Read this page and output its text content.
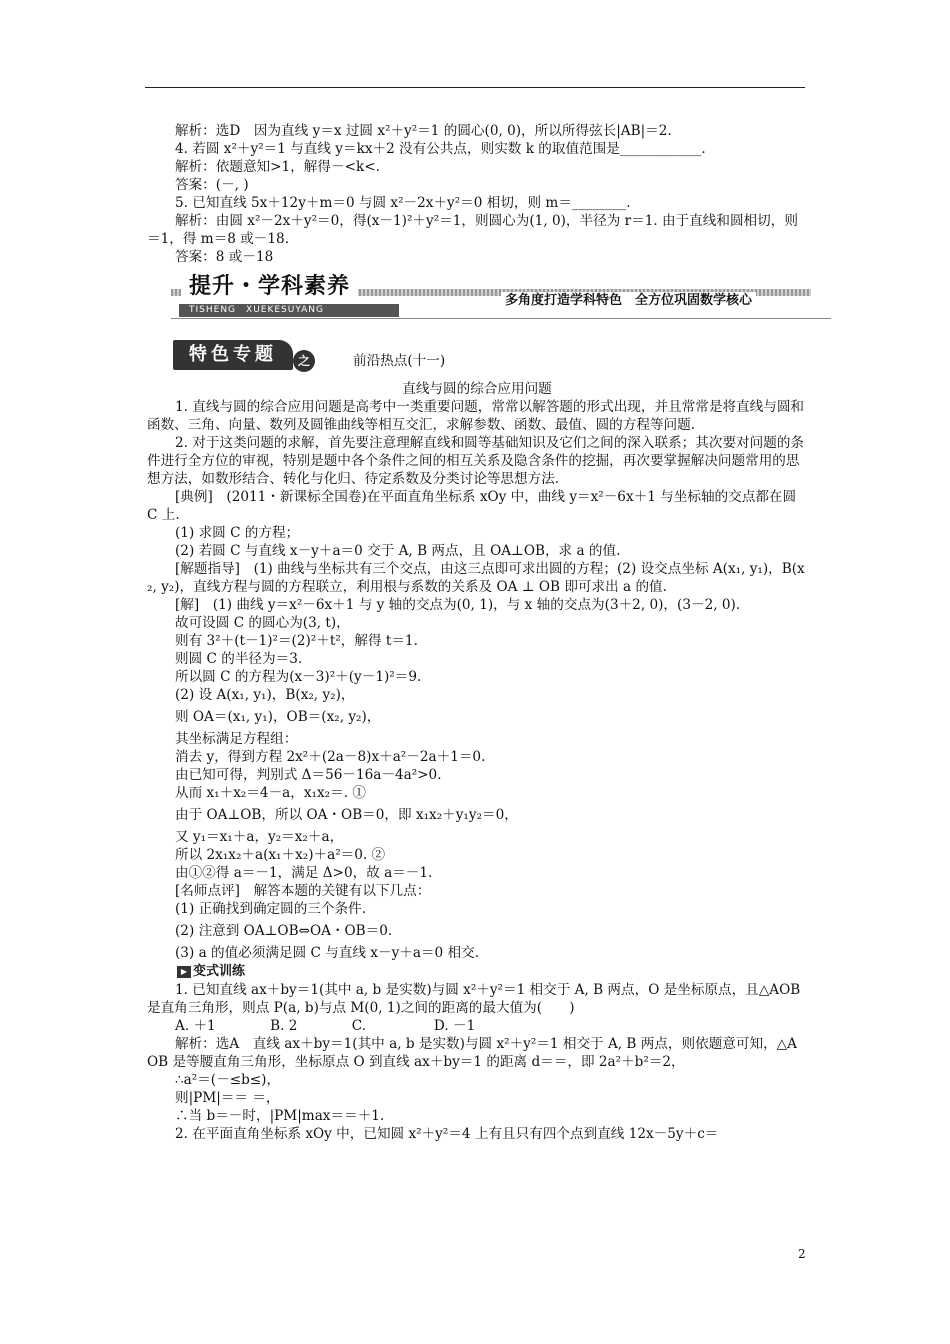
解析：选D　因为直线 y＝x 过圆 x²＋y²＝1 的圆心(0, 0)，所以所得弦长|AB|＝2.

4. 若圆 x²＋y²＝1 与直线 y＝kx＋2 没有公共点，则实数 k 的取值范围是____________.

解析：依题意知>1，解得－<k<.

答案：(－, )

5. 已知直线 5x＋12y＋m＝0 与圆 x²－2x＋y²＝0 相切，则 m＝________.

解析：由圆 x²－2x＋y²＝0，得(x－1)²＋y²＝1，则圆心为(1, 0)，半径为 r＝1. 由于直线和圆相切，则＝1，得 m＝8 或－18.

答案：8 或－18

提升・学科素养
TISHENG　XUEKESUYANG
多角度打造学科特色　全方位巩固数学核心
特色专题	之	前沿热点(十一)

直线与圆的综合应用问题

1. 直线与圆的综合应用问题是高考中一类重要问题，常常以解答题的形式出现，并且常常是将直线与圆和函数、三角、向量、数列及圆锥曲线等相互交汇，求解参数、函数、最值、圆的方程等问题.

2. 对于这类问题的求解，首先要注意理解直线和圆等基础知识及它们之间的深入联系；其次要对问题的条件进行全方位的审视，特别是题中各个条件之间的相互关系及隐含条件的挖掘，再次要掌握解决问题常用的思想方法，如数形结合、转化与化归、待定系数及分类讨论等思想方法.

[典例]　(2011・新课标全国卷)在平面直角坐标系 xOy 中，曲线 y＝x²－6x＋1 与坐标轴的交点都在圆 C 上.

(1) 求圆 C 的方程；

(2) 若圆 C 与直线 x－y＋a＝0 交于 A, B 两点，且 OA⊥OB，求 a 的值.

[解题指导]　(1) 曲线与坐标共有三个交点，由这三点即可求出圆的方程；(2) 设交点坐标 A(x₁, y₁)，B(x₂, y₂)，直线方程与圆的方程联立，利用根与系数的关系及 OA ⊥ OB 即可求出 a 的值.

[解]　(1) 曲线 y＝x²－6x＋1 与 y 轴的交点为(0, 1)，与 x 轴的交点为(3＋2, 0)，(3－2, 0).

故可设圆 C 的圆心为(3, t)，

则有 3²＋(t－1)²＝(2)²＋t²，解得 t＝1.

则圆 C 的半径为＝3.

所以圆 C 的方程为(x－3)²＋(y－1)²＝9.

(2) 设 A(x₁, y₁)，B(x₂, y₂)，

则 OA＝(x₁, y₁)，OB＝(x₂, y₂)，

其坐标满足方程组：

消去 y，得到方程 2x²＋(2a－8)x＋a²－2a＋1＝0.

由已知可得，判别式 Δ＝56－16a－4a²>0.

从而 x₁＋x₂＝4－a，x₁x₂＝. ①

由于 OA⊥OB，所以 OA・OB＝0，即 x₁x₂＋y₁y₂＝0，

又 y₁＝x₁＋a，y₂＝x₂＋a，

所以 2x₁x₂＋a(x₁＋x₂)＋a²＝0. ②

由①②得 a＝－1，满足 Δ>0，故 a＝－1.

[名师点评]　解答本题的关键有以下几点：

(1) 正确找到确定圆的三个条件.

(2) 注意到 OA⊥OB⇔OA・OB＝0.

(3) a 的值必须满足圆 C 与直线 x－y＋a＝0 相交.

▶ 变式训练

1. 已知直线 ax＋by＝1(其中 a, b 是实数)与圆 x²＋y²＝1 相交于 A, B 两点，O 是坐标原点，且△AOB 是直角三角形，则点 P(a, b)与点 M(0, 1)之间的距离的最大值为(　　)

A. ＋1　　　　B. 2　　　　C.　　　　　D. －1

解析：选A　直线 ax＋by＝1(其中 a, b 是实数)与圆 x²＋y²＝1 相交于 A, B 两点，则依题意可知，△AOB 是等腰直角三角形，坐标原点 O 到直线 ax＋by＝1 的距离 d＝＝，即 2a²＋b²＝2，

∴a²＝(－≤b≤)，

则|PM|＝＝ ＝，

∴当 b＝－时，|PM|max＝＝＋1.

2. 在平面直角坐标系 xOy 中，已知圆 x²＋y²＝4 上有且只有四个点到直线 12x－5y＋c＝

2
